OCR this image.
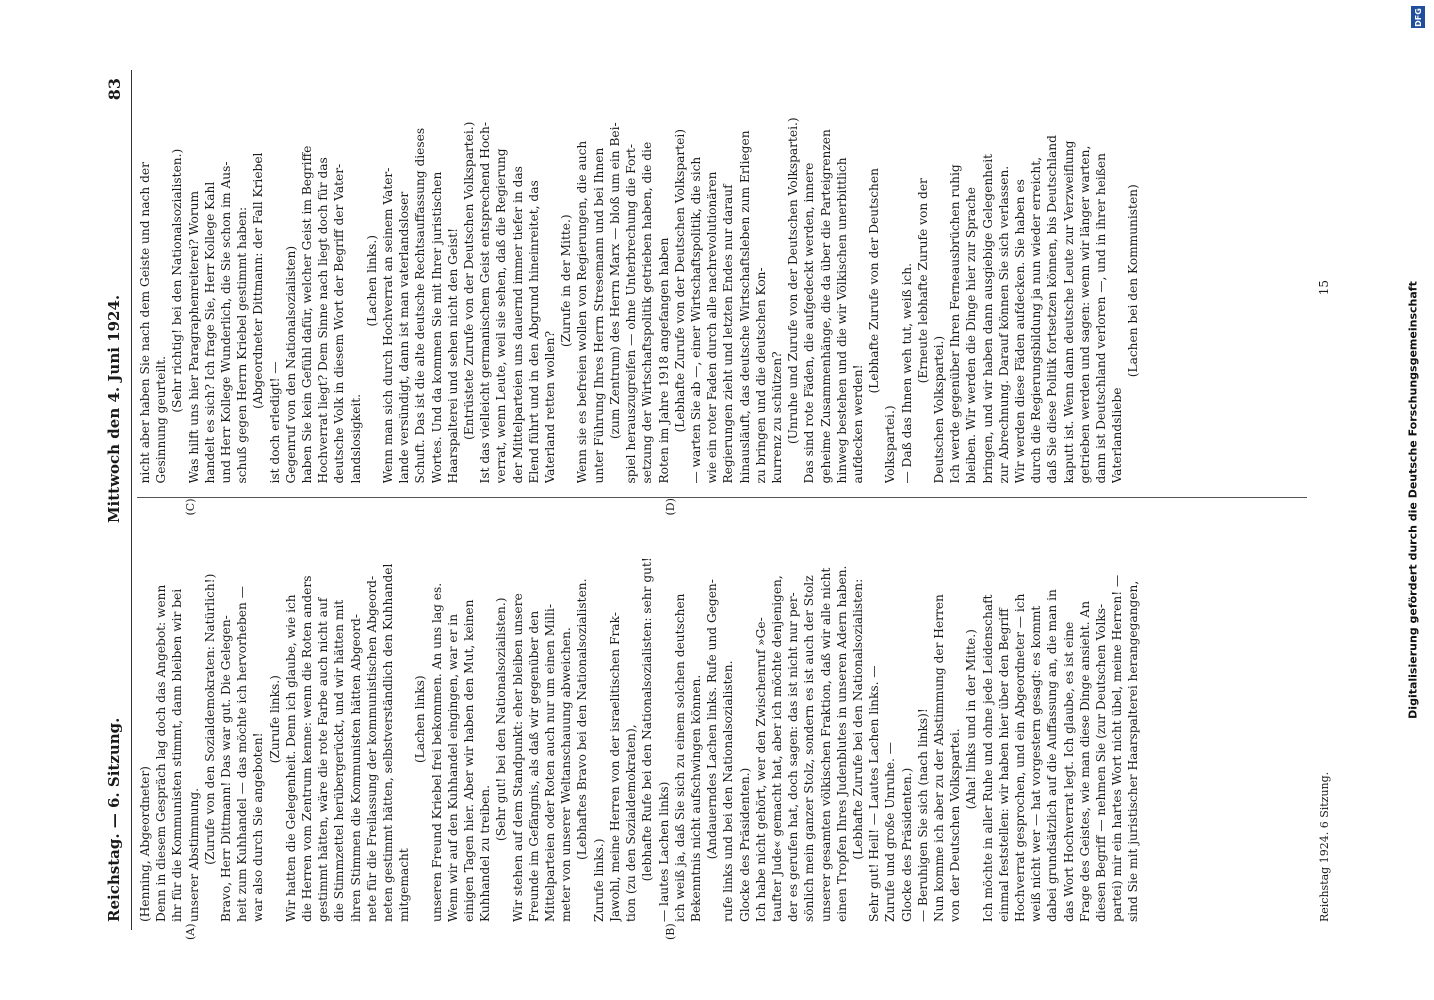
Reichstag. — 6. Sitzung.
Mittwoch den 4. Juni 1924.
83
(Henning, Abgeordneter) Denn in diesem Gespräch lag doch das Angebot: wenn ihr für die Kommunisten stimmt, dann bleiben wir bei unserer Abstimmung. (Zurufe von den Sozialdemokraten: Natürlich!) Bravo, Herr Dittmann! Das war gut. Die Gelegen- heit zum Kuhhandel — das möchte ich hervorheben — war also durch Sie angeboten!
(Zurufe links.) Wir hatten die Gelegenheit. Denn ich glaube, wie ich die Herren vom Zentrum kenne: wenn die Roten anders gestimmt hätten, wäre die rote Farbe auch nicht auf die Stimmzettel herübergerückt, und wir hätten mit ihren Stimmen die Kommunisten hätten Abgeord- nete für die Freilassung der kommunistischen Abgeord- neten gestimmt hätten, selbstverständlich den Kuhhandel mitgemacht
(Lachen links) unseren Freund Kriebel frei bekommen. An uns lag es. Wenn wir auf den Kuhhandel eingingen, war er in einigen Tagen hier. Aber wir haben den Mut, keinen Kuhhandel zu treiben.
(Sehr gut! bei den Nationalsozialisten.) Wir stehen auf dem Standpunkt: eher bleiben unsere Freunde im Gefängnis, als daß wir gegenüber den Mittelparteien oder Roten auch nur um einen Milli- meter von unserer Weltanschauung abweichen. (Lebhaftes Bravo bei den Nationalsozialisten.
Zurufe links.) Jawohl, meine Herren von der israelitischen Frak- tion (zu den Sozialdemokraten), (lebhafte Rufe bei den Nationalsozialisten: sehr gut! — lautes Lachen links) ich weiß ja, daß Sie sich zu einem solchen deutschen Bekenntnis nicht aufschwingen können. (Andauerndes Lachen links. Rufe und Gegen- rufe links und bei den Nationalsozialisten. Glocke des Präsidenten.) Ich habe nicht gehört, wer den Zwischenruf »Ge- taufter Jude« gemacht hat, aber ich möchte denjenigen, der es gerufen hat, doch sagen: das ist nicht nur per- sönlich mein ganzer Stolz, sondern es ist auch der Stolz unserer gesamten völkischen Fraktion, daß wir alle nicht einen Tropfen Ihres Judenblutes in unseren Adern haben. (Lebhafte Zurufe bei den Nationalsozialisten: Sehr gut! Heil! — Lautes Lachen links. — Zurufe und große Unruhe. — Glocke des Präsidenten.) — Beruhigen Sie sich (nach links)! Nun komme ich aber zu der Abstimmung der Herren von der Deutschen Volkspartei.
(Aha! links und in der Mitte.) Ich möchte in aller Ruhe und ohne jede Leidenschaft einmal feststellen: wir haben hier über den Begriff Hochverrat gesprochen, und ein Abgeordneter — ich weiß nicht wer — hat vorgestern gesagt: es kommt dabei grundsätzlich auf die Auffassung an, die man in das Wort Hochverrat legt. Ich glaube, es ist eine Frage des Geistes, wie man diese Dinge ansieht. An diesen Begriff — nehmen Sie (zur Deutschen Volks- partei) mir ein hartes Wort nicht übel, meine Herren! — sind Sie mit juristischer Haarspalterei herangegangen,
(A)	(B)
nicht aber haben Sie nach dem Geiste und nach der Gesinnung geurteilt.
(Sehr richtig! bei den Nationalsozialisten.) Was hilft uns hier Paragraphenreiterei? Worum handelt es sich? Ich frage Sie, Herr Kollege Kahl und Herr Kollege Wunderlich, die Sie schon im Aus- schuß gegen Herrn Kriebel gestimmt haben: (Abgeordneter Dittmann: der Fall Kriebel
ist doch erledigt! — Gegenruf von den Nationalsozialisten) haben Sie kein Gefühl dafür, welcher Geist im Begriffe Hochverrat liegt? Dem Sinne nach liegt doch für das deutsche Volk in diesem Wort der Begriff der Vater- landslosigkeit.
(Lachen links.) Wenn man sich durch Hochverrat an seinem Vater- lande versündigt, dann ist man vaterlandsloser Schuft. Das ist die alte deutsche Rechtsauffassung dieses Wortes. Und da kommen Sie mit Ihrer juristischen Haarspalterei und sehen nicht den Geist! (Entrüstete Zurufe von der Deutschen Volkspartei.) Ist das vielleicht germanischem Geist entsprechend Hoch- verrat, wenn Leute, weil sie sehen, daß die Regierung der Mittelparteien uns dauernd immer tiefer in das Elend führt und in den Abgrund hineinreitet, das Vaterland retten wollen?
(Zurufe in der Mitte.) Wenn sie es befreien wollen von Regierungen, die auch unter Führung Ihres Herrn Stresemann und bei Ihnen (zum Zentrum) des Herrn Marx — bloß um ein Bei- spiel herauszugreifen — ohne Unterbrechung die Fort- setzung der Wirtschaftspolitik getrieben haben, die die Roten im Jahre 1918 angefangen haben (Lebhafte Zurufe von der Deutschen Volkspartei) — warten Sie ab —, einer Wirtschaftspolitik, die sich wie ein roter Faden durch alle nachrevolutionären Regierungen zieht und letzten Endes nur darauf hinausläuft, das deutsche Wirtschaftsleben zum Erliegen zu bringen und die deutschen Kon- kurrenz zu schützen? (Unruhe und Zurufe von der Deutschen Volkspartei.) Das sind rote Fäden, die aufgedeckt werden, innere geheime Zusammenhänge, die da über die Parteigrenzen hinweg bestehen und die wir Völkischen unerbittlich aufdecken werden!
(Lebhafte Zurufe von der Deutschen
Volkspartei.) — Daß das Ihnen weh tut, weiß ich. (Erneute lebhafte Zurufe von der
Deutschen Volkspartei.) Ich werde gegenüber Ihren Ferneausbrüchen ruhig bleiben. Wir werden die Dinge hier zur Sprache bringen, und wir haben dann ausgiebige Gelegenheit zur Abrechnung. Darauf können Sie sich verlassen. Wir werden diese Fäden aufdecken. Sie haben es durch die Regierungsbildung ja nun wieder erreicht, daß Sie diese Politik fortsetzen können, bis Deutschland kaputt ist. Wenn dann deutsche Leute zur Verzweiflung getrieben werden und sagen: wenn wir länger warten, dann ist Deutschland verloren —, und in ihrer heißen Vaterlandsliebe
(Lachen bei den Kommunisten)
(C)	(D)
Reichstag 1924. 6 Sitzung.
15
DFG
Digitalisierung gefördert durch die Deutsche Forschungsgemeinschaft
